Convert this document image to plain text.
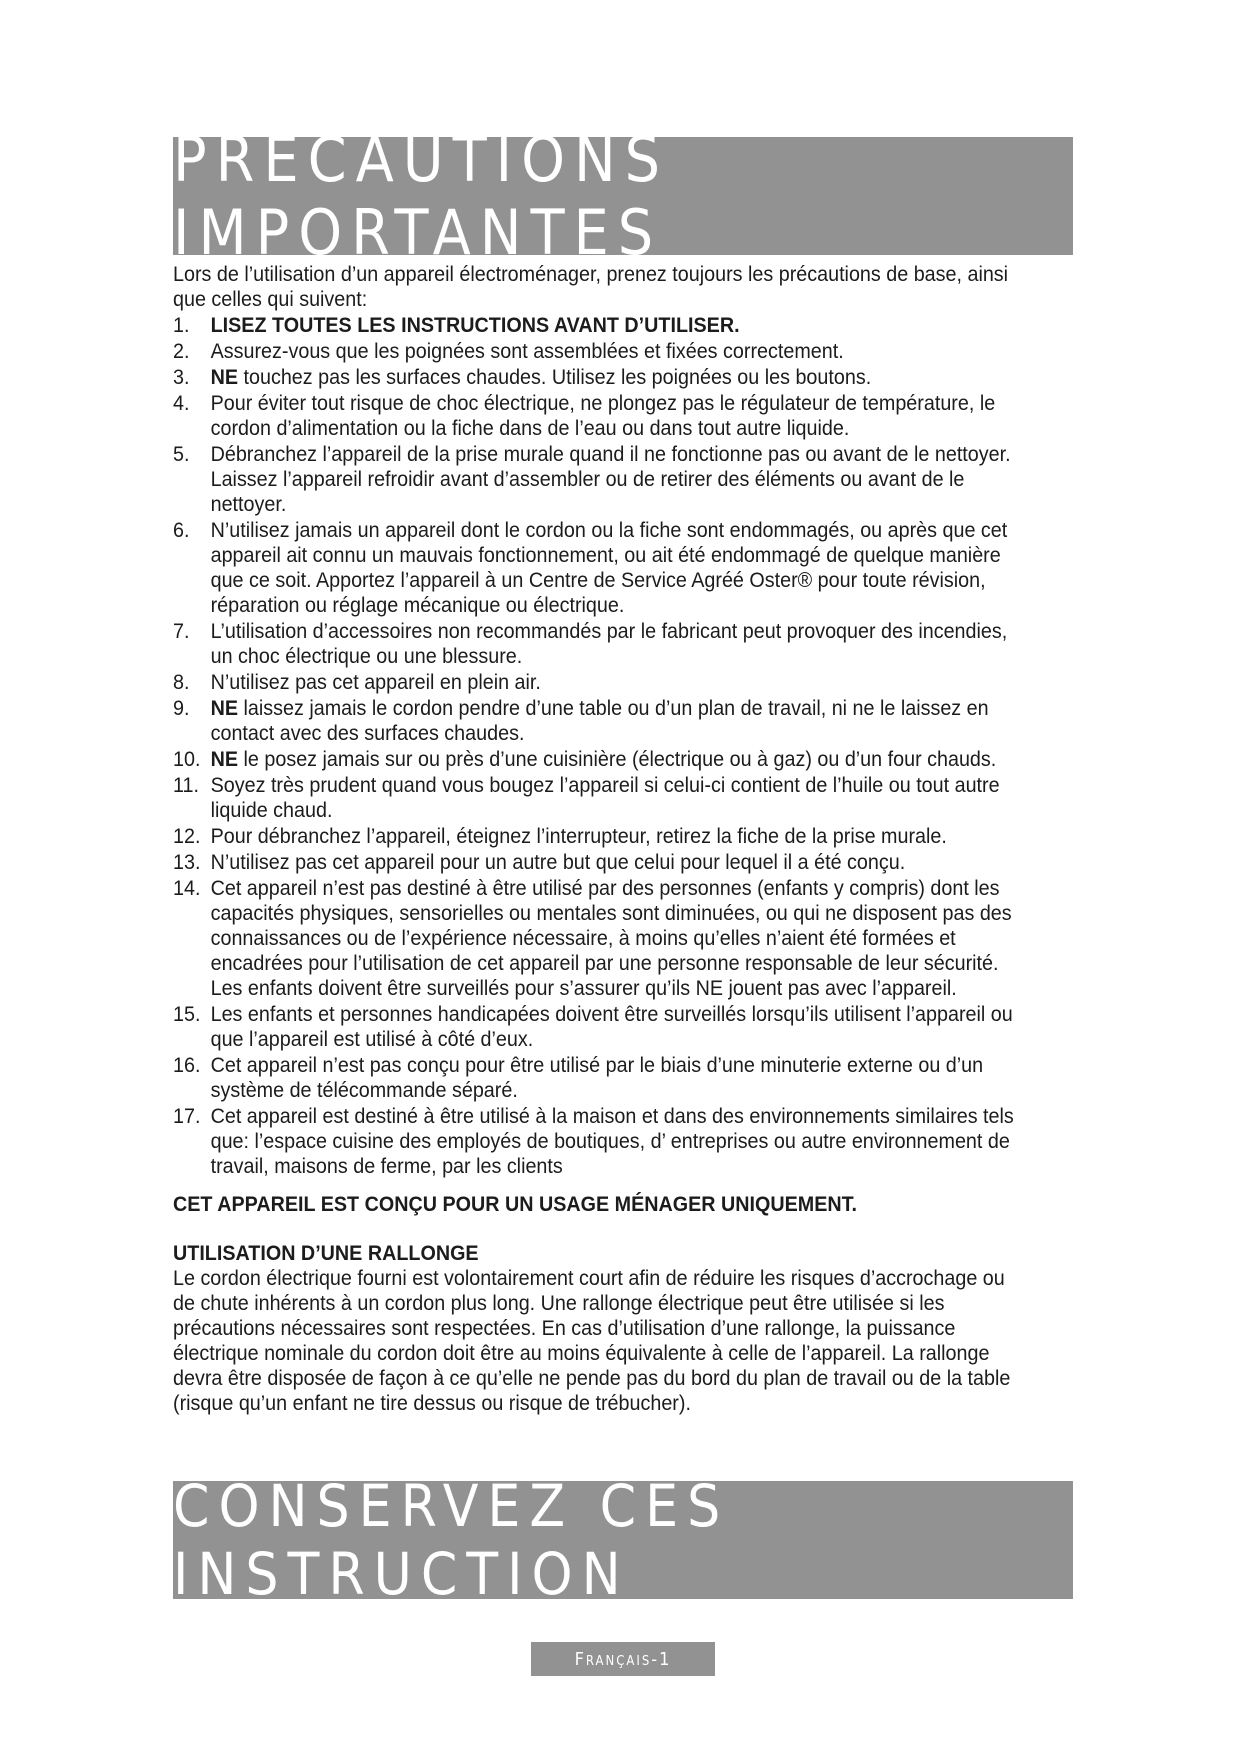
PRÉCAUTIONS IMPORTANTES

Lors de l’utilisation d’un appareil électroménager, prenez toujours les précautions de base, ainsi que celles qui suivent:

1. LISEZ TOUTES LES INSTRUCTIONS AVANT D’UTILISER.
2. Assurez-vous que les poignées sont assemblées et fixées correctement.
3. NE touchez pas les surfaces chaudes. Utilisez les poignées ou les boutons.
4. Pour éviter tout risque de choc électrique, ne plongez pas le régulateur de température, le cordon d’alimentation ou la fiche dans de l’eau ou dans tout autre liquide.
5. Débranchez l’appareil de la prise murale quand il ne fonctionne pas ou avant de le nettoyer. Laissez l’appareil refroidir avant d’assembler ou de retirer des éléments ou avant de le nettoyer.
6. N’utilisez jamais un appareil dont le cordon ou la fiche sont endommagés, ou après que cet appareil ait connu un mauvais fonctionnement, ou ait été endommagé de quelque manière que ce soit. Apportez l’appareil à un Centre de Service Agréé Oster® pour toute révision, réparation ou réglage mécanique ou électrique.
7. L’utilisation d’accessoires non recommandés par le fabricant peut provoquer des incendies, un choc électrique ou une blessure.
8. N’utilisez pas cet appareil en plein air.
9. NE laissez jamais le cordon pendre d’une table ou d’un plan de travail, ni ne le laissez en contact avec des surfaces chaudes.
10. NE le posez jamais sur ou près d’une cuisinière (électrique ou à gaz) ou d’un four chauds.
11. Soyez très prudent quand vous bougez l’appareil si celui-ci contient de l’huile ou tout autre liquide chaud.
12. Pour débranchez l’appareil, éteignez l’interrupteur, retirez la fiche de la prise murale.
13. N’utilisez pas cet appareil pour un autre but que celui pour lequel il a été conçu.
14. Cet appareil n’est pas destiné à être utilisé par des personnes (enfants y compris) dont les capacités physiques, sensorielles ou mentales sont diminuées, ou qui ne disposent pas des connaissances ou de l’expérience nécessaire, à moins qu’elles n’aient été formées et encadrées pour l’utilisation de cet appareil par une personne responsable de leur sécurité. Les enfants doivent être surveillés pour s’assurer qu’ils NE jouent pas avec l’appareil.
15. Les enfants et personnes handicapées doivent être surveillés lorsqu’ils utilisent l’appareil ou que l’appareil est utilisé à côté d’eux.
16. Cet appareil n’est pas conçu pour être utilisé par le biais d’une minuterie externe ou d’un système de télécommande séparé.
17. Cet appareil est destiné à être utilisé à la maison et dans des environnements similaires tels que: l’espace cuisine des employés de boutiques, d’ entreprises ou autre environnement de travail, maisons de ferme, par les clients
CET APPAREIL EST CONÇU POUR UN USAGE MÉNAGER UNIQUEMENT.
UTILISATION D’UNE RALLONGE

Le cordon électrique fourni est volontairement court afin de réduire les risques d’accrochage ou de chute inhérents à un cordon plus long. Une rallonge électrique peut être utilisée si les précautions nécessaires sont respectées. En cas d’utilisation d’une rallonge, la puissance électrique nominale du cordon doit être au moins équivalente à celle de l’appareil. La rallonge devra être disposée de façon à ce qu’elle ne pende pas du bord du plan de travail ou de la table (risque qu’un enfant ne tire dessus ou risque de trébucher).

CONSERVEZ CES INSTRUCTION
Français-1
